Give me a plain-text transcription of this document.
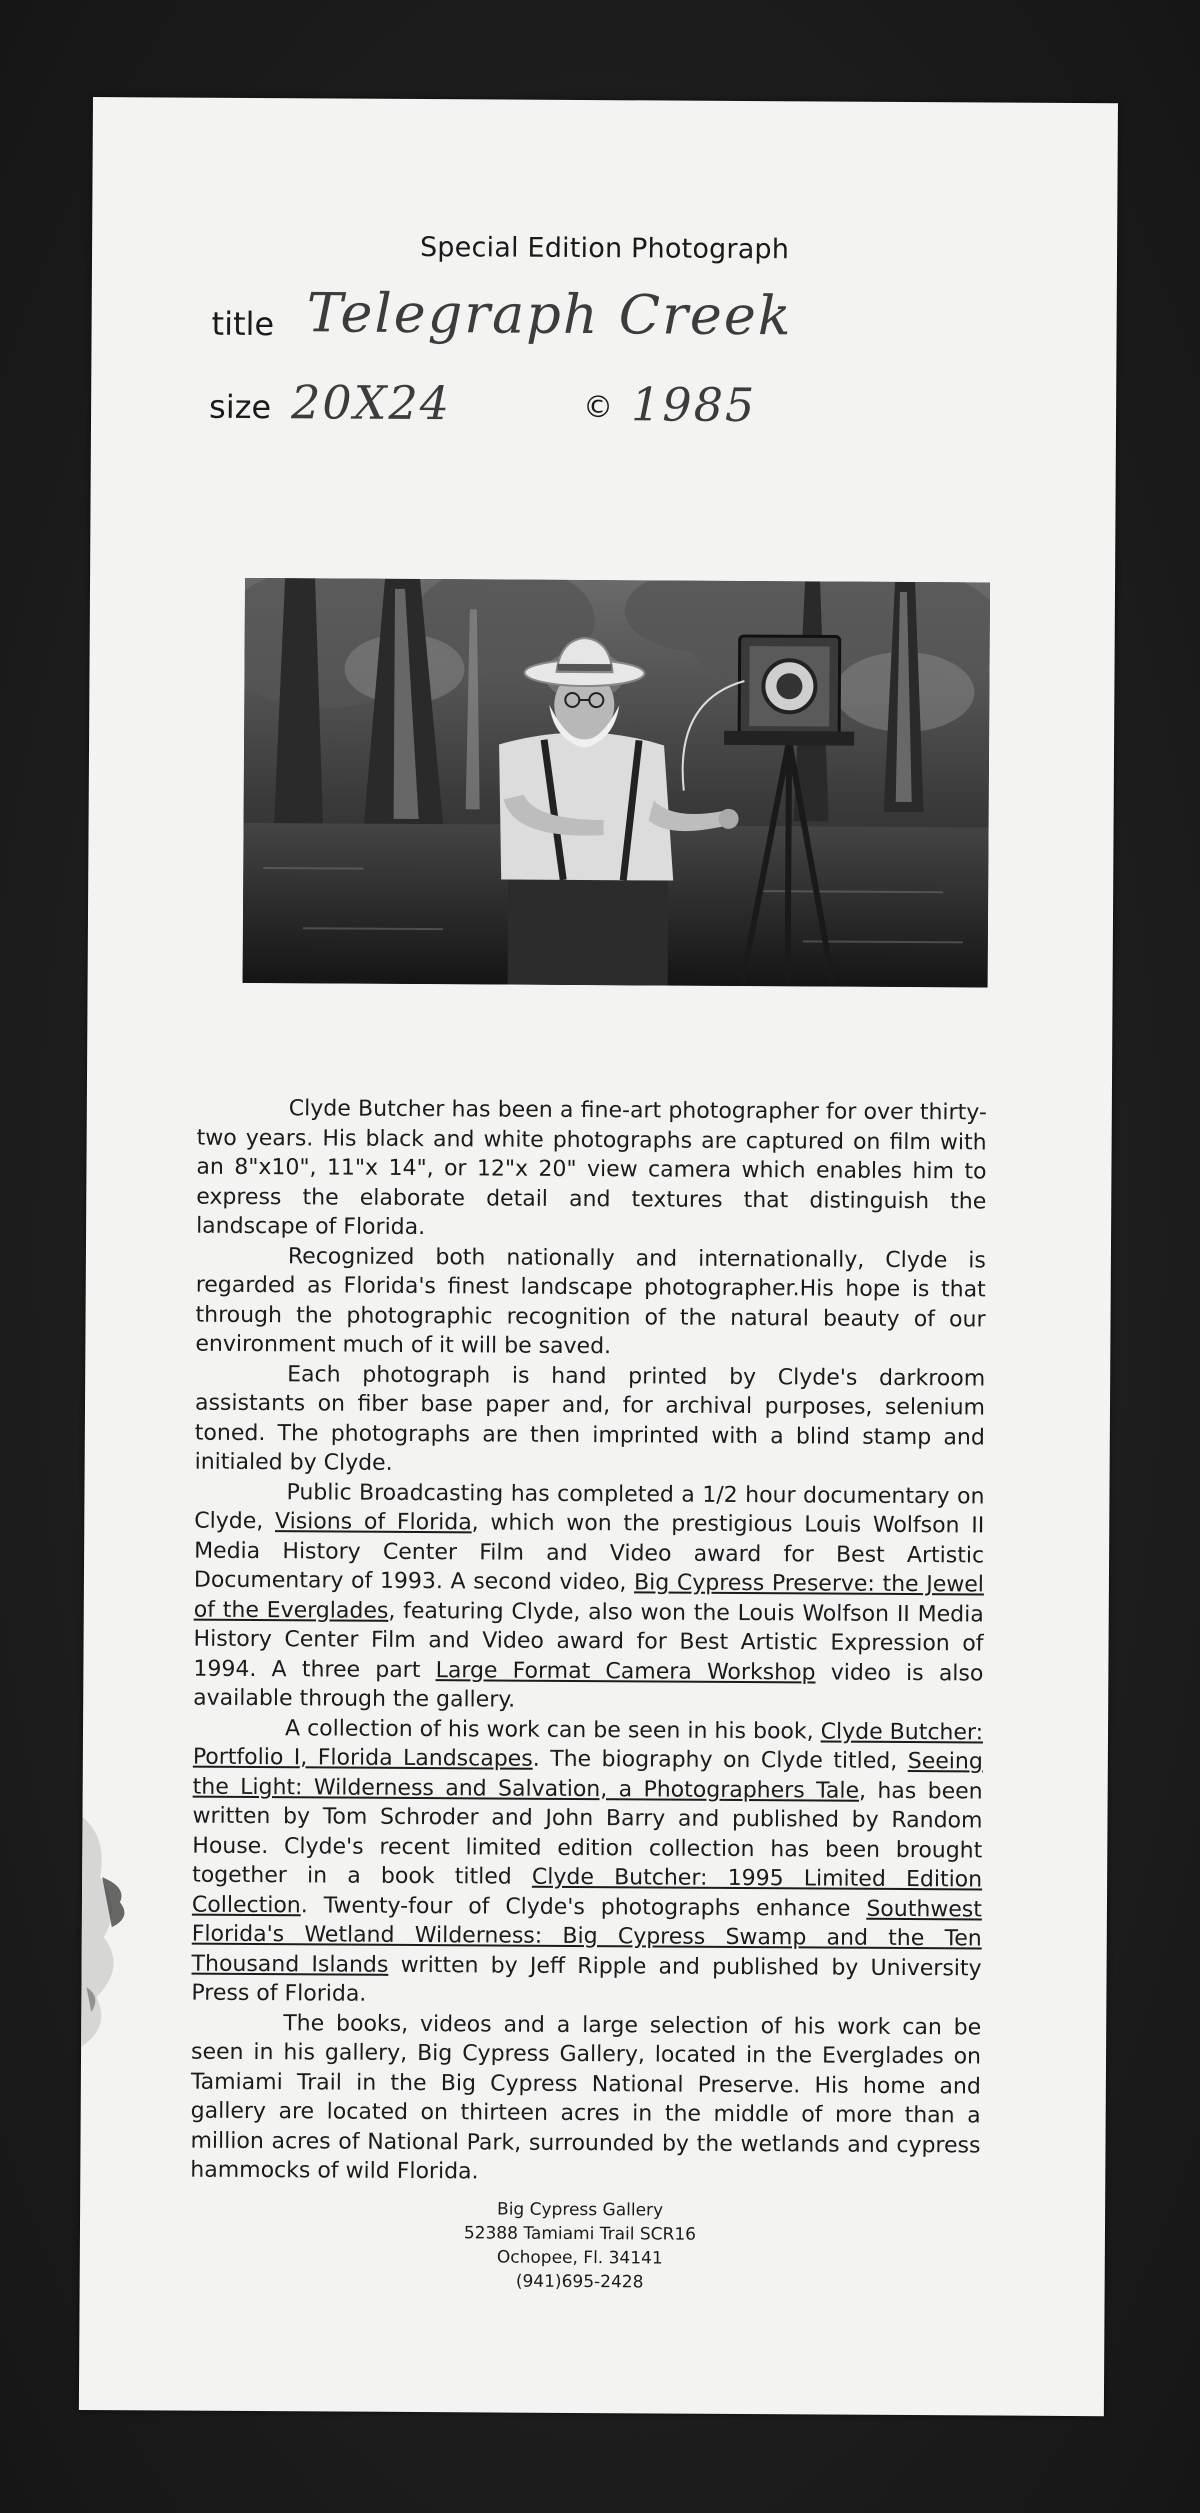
Special Edition Photograph
title Telegraph Creek
size 20X24	© 1985

Clyde Butcher has been a fine-art photographer for over thirty-two years. His black and white photographs are captured on film with an 8"x10", 11"x 14", or 12"x 20" view camera which enables him to express the elaborate detail and textures that distinguish the landscape of Florida.

Recognized both nationally and internationally, Clyde is regarded as Florida's finest landscape photographer.His hope is that through the photographic recognition of the natural beauty of our environment much of it will be saved.

Each photograph is hand printed by Clyde's darkroom assistants on fiber base paper and, for archival purposes, selenium toned. The photographs are then imprinted with a blind stamp and initialed by Clyde.

Public Broadcasting has completed a 1/2 hour documentary on Clyde, Visions of Florida, which won the prestigious Louis Wolfson II Media History Center Film and Video award for Best Artistic Documentary of 1993. A second video, Big Cypress Preserve: the Jewel of the Everglades, featuring Clyde, also won the Louis Wolfson II Media History Center Film and Video award for Best Artistic Expression of 1994. A three part Large Format Camera Workshop video is also available through the gallery.

A collection of his work can be seen in his book, Clyde Butcher: Portfolio I, Florida Landscapes. The biography on Clyde titled, Seeing the Light: Wilderness and Salvation, a Photographers Tale, has been written by Tom Schroder and John Barry and published by Random House. Clyde's recent limited edition collection has been brought together in a book titled Clyde Butcher: 1995 Limited Edition Collection. Twenty-four of Clyde's photographs enhance Southwest Florida's Wetland Wilderness: Big Cypress Swamp and the Ten Thousand Islands written by Jeff Ripple and published by University Press of Florida.

The books, videos and a large selection of his work can be seen in his gallery, Big Cypress Gallery, located in the Everglades on Tamiami Trail in the Big Cypress National Preserve. His home and gallery are located on thirteen acres in the middle of more than a million acres of National Park, surrounded by the wetlands and cypress hammocks of wild Florida.

Big Cypress Gallery
52388 Tamiami Trail SCR16
Ochopee, Fl. 34141
(941)695-2428
